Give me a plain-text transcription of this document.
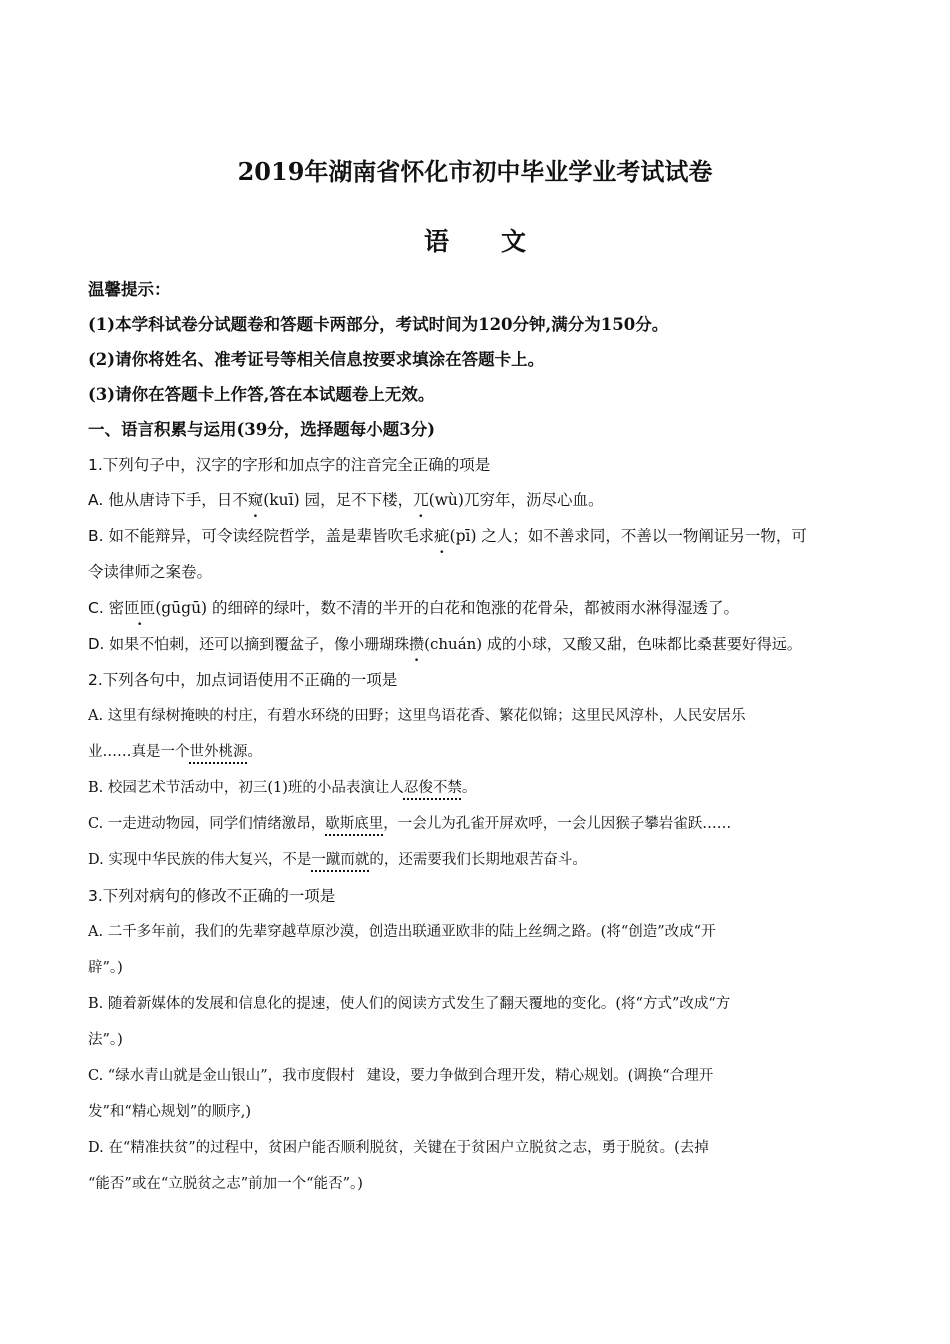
2019年湖南省怀化市初中毕业学业考试试卷
语 文
温馨提示：
(1)本学科试卷分试题卷和答题卡两部分，考试时间为120分钟,满分为150分。
(2)请你将姓名、准考证号等相关信息按要求填涂在答题卡上。
(3)请你在答题卡上作答,答在本试题卷上无效。
一、语言积累与运用(39分，选择题每小题3分)
1.下列句子中，汉字的字形和加点字的注音完全正确的项是
A. 他从唐诗下手，日不窥(kuī) 园，足不下楼，兀(wù)兀穷年，沥尽心血。
B. 如不能辩异，可令读经院哲学，盖是辈皆吹毛求疵(pī) 之人；如不善求同，不善以一物阐证另一物，可
令读律师之案卷。
C. 密匝匝(gūgū) 的细碎的绿叶，数不清的半开的白花和饱涨的花骨朵，都被雨水淋得湿透了。
D. 如果不怕刺，还可以摘到覆盆子，像小珊瑚珠攒(chuán) 成的小球，又酸又甜，色味都比桑葚要好得远。
2.下列各句中，加点词语使用不正确的一项是
A. 这里有绿树掩映的村庄，有碧水环绕的田野；这里鸟语花香、繁花似锦；这里民风淳朴，人民安居乐
业……真是一个世外桃源。
B. 校园艺术节活动中，初三(1)班的小品表演让人忍俊不禁。
C. 一走进动物园，同学们情绪激昂，歇斯底里，一会儿为孔雀开屏欢呼，一会儿因猴子攀岩雀跃……
D. 实现中华民族的伟大复兴，不是一蹴而就的，还需要我们长期地艰苦奋斗。
3.下列对病句的修改不正确的一项是
A. 二千多年前，我们的先辈穿越草原沙漠，创造出联通亚欧非的陆上丝绸之路。(将“创造”改成“开
辟”。)
B. 随着新媒体的发展和信息化的提速，使人们的阅读方式发生了翻天覆地的变化。(将“方式”改成“方
法”。)
C. “绿水青山就是金山银山”，我市度假村 建设，要力争做到合理开发，精心规划。(调换“合理开
发”和“精心规划”的顺序,)
D. 在“精准扶贫”的过程中，贫困户能否顺利脱贫，关键在于贫困户立脱贫之志，勇于脱贫。(去掉
“能否”或在“立脱贫之志”前加一个“能否”。)
